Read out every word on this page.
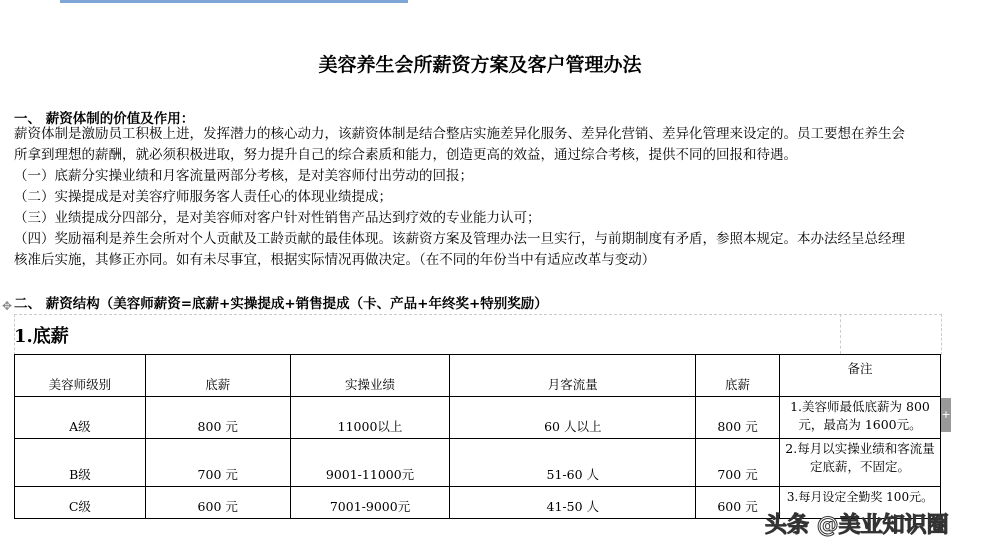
美容养生会所薪资方案及客户管理办法
一、 薪资体制的价值及作用：
薪资体制是激励员工积极上进，发挥潜力的核心动力，该薪资体制是结合整店实施差异化服务、差异化营销、差异化管理来设定的。员工要想在养生会
所拿到理想的薪酬，就必须积极进取，努力提升自己的综合素质和能力，创造更高的效益，通过综合考核，提供不同的回报和待遇。
（一）底薪分实操业绩和月客流量两部分考核，是对美容师付出劳动的回报；
（二）实操提成是对美容疗师服务客人责任心的体现业绩提成；
（三）业绩提成分四部分，是对美容师对客户针对性销售产品达到疗效的专业能力认可；
（四）奖励福利是养生会所对个人贡献及工龄贡献的最佳体现。该薪资方案及管理办法一旦实行，与前期制度有矛盾，参照本规定。本办法经呈总经理
核准后实施，其修正亦同。如有未尽事宜，根据实际情况再做决定。（在不同的年份当中有适应改革与变动）
✥ 二、 薪资结构（美容师薪资=底薪+实操提成+销售提成（卡、产品+年终奖+特别奖励）
1.底薪
美容师级别	底薪	实操业绩	月客流量	底薪	备注
A级	800 元	11000以上	60 人以上	800 元	1.美容师最低底薪为 800 元，最高为 1600元。
B级	700 元	9001-11000元	51-60 人	700 元	2.每月以实操业绩和客流量定底薪，不固定。
C级	600 元	7001-9000元	41-50 人	600 元	3.每月设定全勤奖 100元。
+
头条 @美业知识圈
